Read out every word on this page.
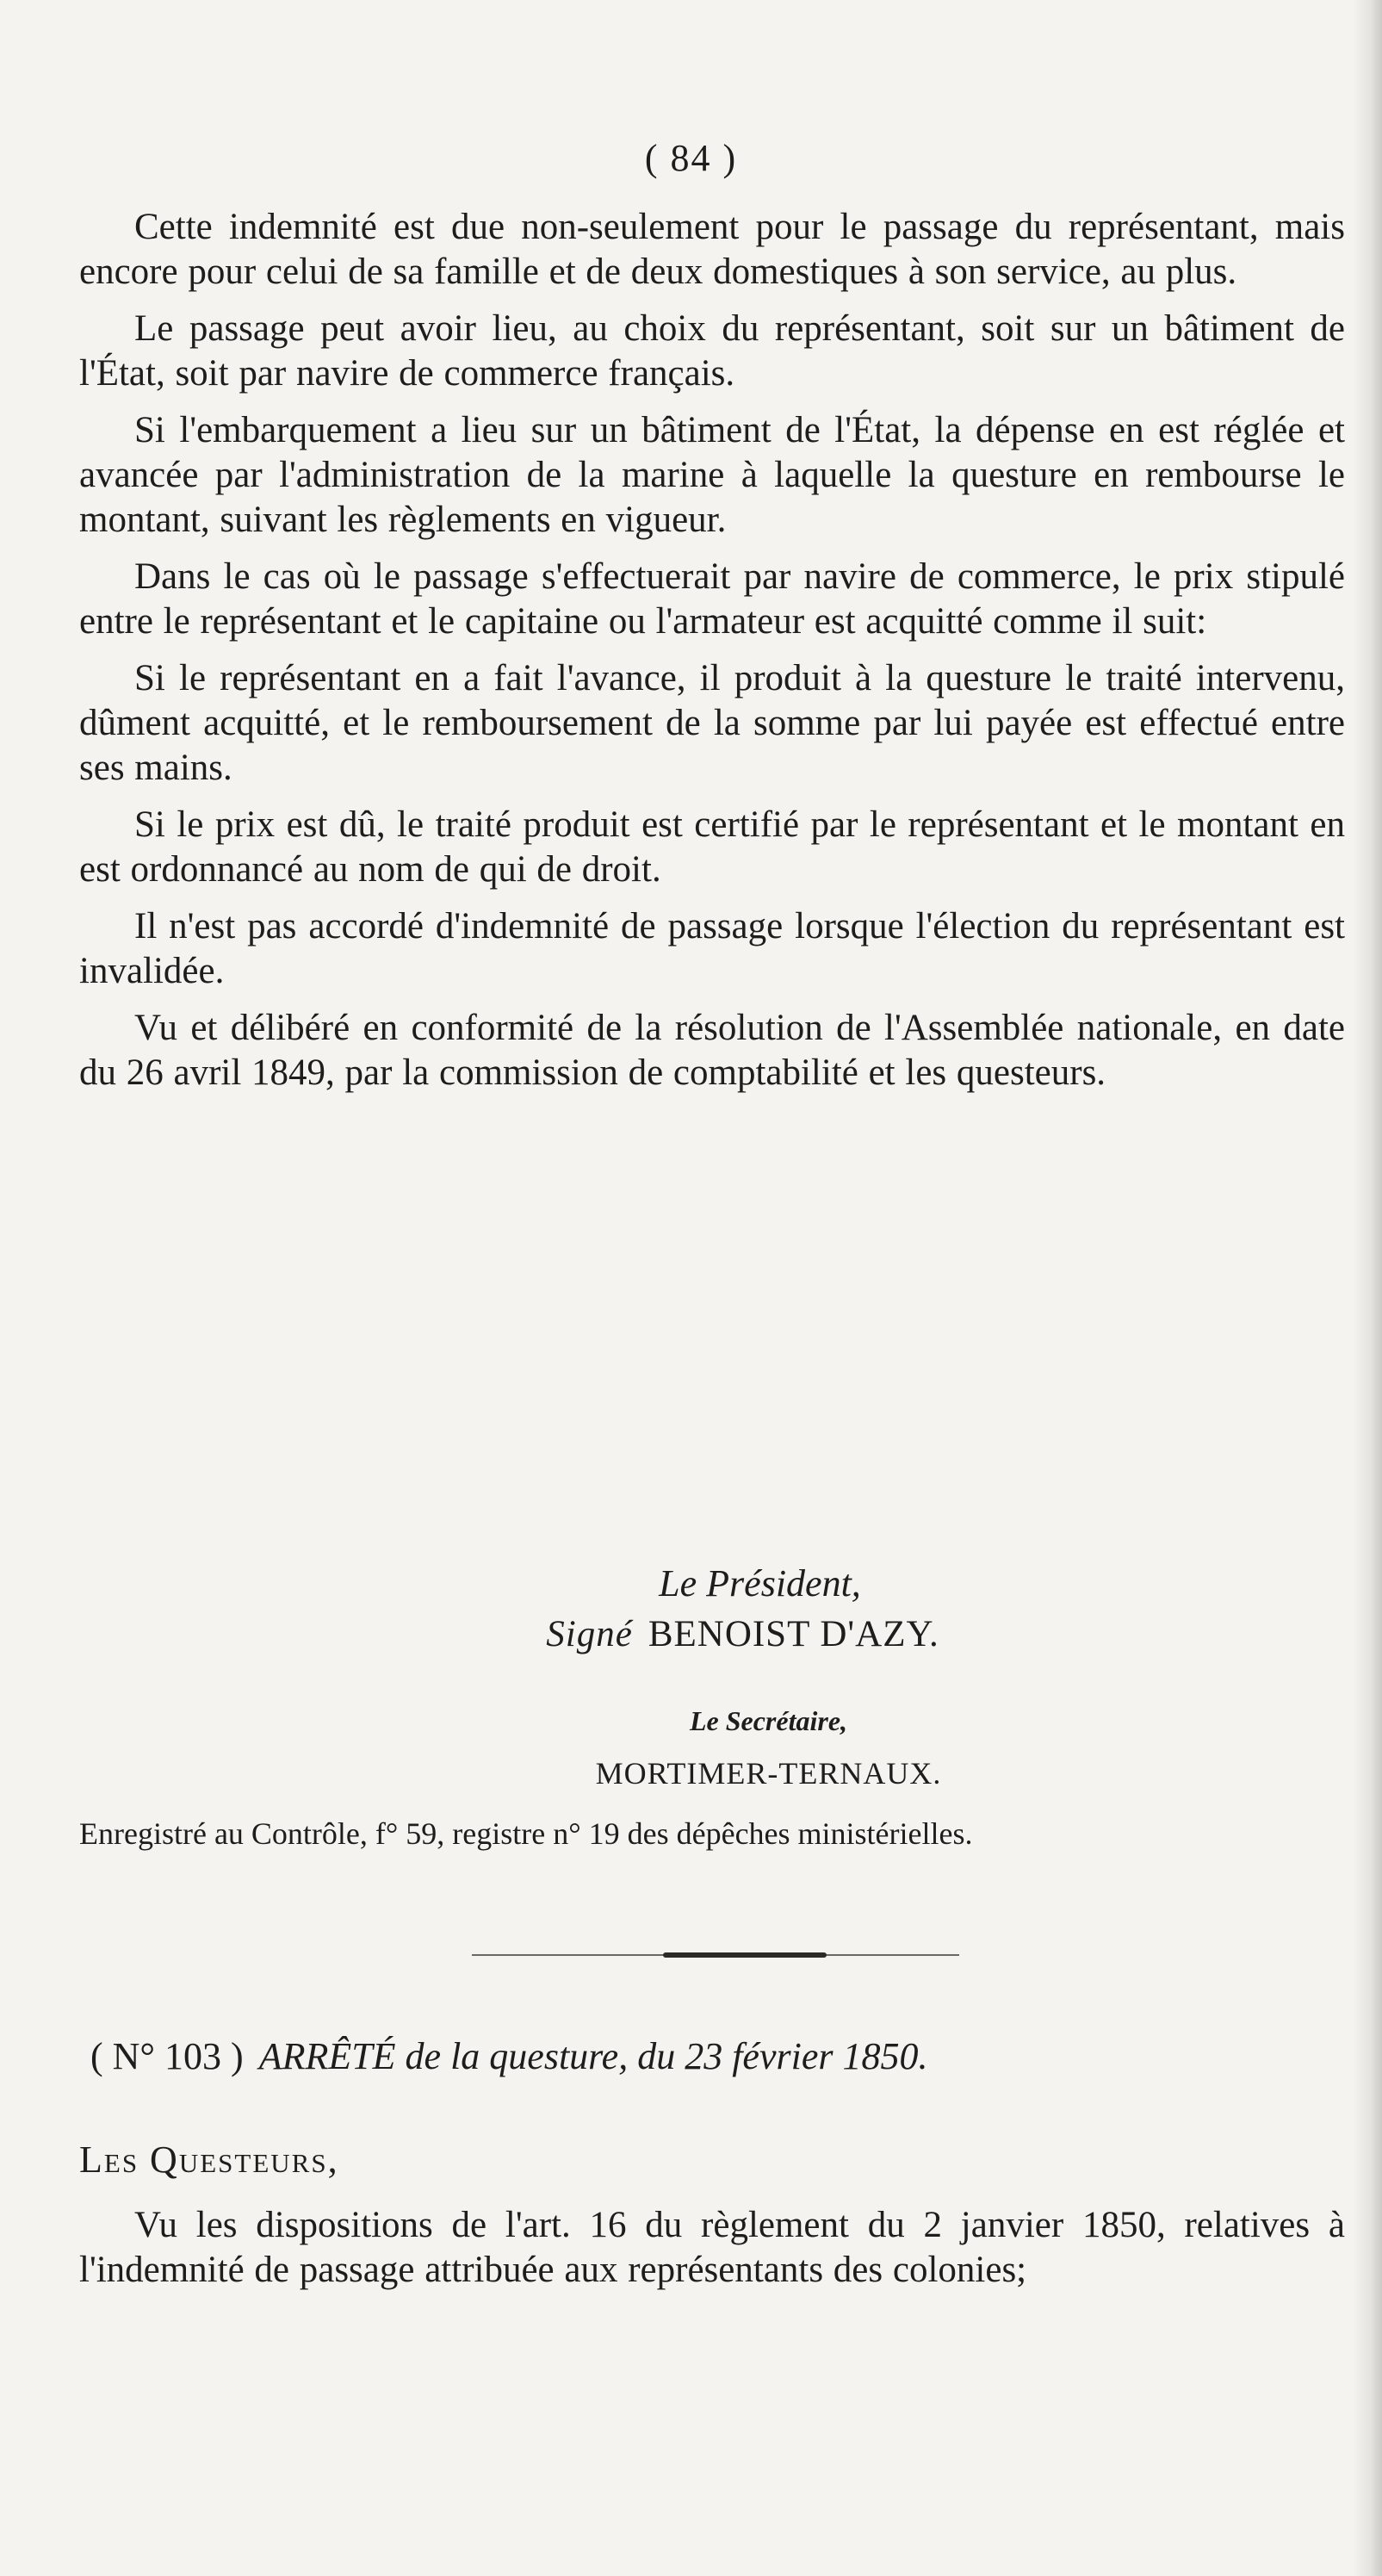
( 84 )

Cette indemnité est due non-seulement pour le passage du représentant, mais encore pour celui de sa famille et de deux domestiques à son service, au plus.

Le passage peut avoir lieu, au choix du représentant, soit sur un bâtiment de l'État, soit par navire de commerce français.

Si l'embarquement a lieu sur un bâtiment de l'État, la dépense en est réglée et avancée par l'administration de la marine à laquelle la questure en rembourse le montant, suivant les règlements en vigueur.

Dans le cas où le passage s'effectuerait par navire de commerce, le prix stipulé entre le représentant et le capitaine ou l'armateur est acquitté comme il suit:

Si le représentant en a fait l'avance, il produit à la questure le traité intervenu, dûment acquitté, et le remboursement de la somme par lui payée est effectué entre ses mains.

Si le prix est dû, le traité produit est certifié par le représentant et le montant en est ordonnancé au nom de qui de droit.

Il n'est pas accordé d'indemnité de passage lorsque l'élection du représentant est invalidée.

Vu et délibéré en conformité de la résolution de l'Assemblée nationale, en date du 26 avril 1849, par la commission de comptabilité et les questeurs.

Le Président,
Signé BENOIST D'AZY.
Le Secrétaire,
MORTIMER-TERNAUX.
Enregistré au Contrôle, f° 59, registre n° 19 des dépêches ministérielles.
( N° 103 ) ARRÊTÉ de la questure, du 23 février 1850.
Les Questeurs,

Vu les dispositions de l'art. 16 du règlement du 2 janvier 1850, relatives à l'indemnité de passage attribuée aux représentants des colonies;
